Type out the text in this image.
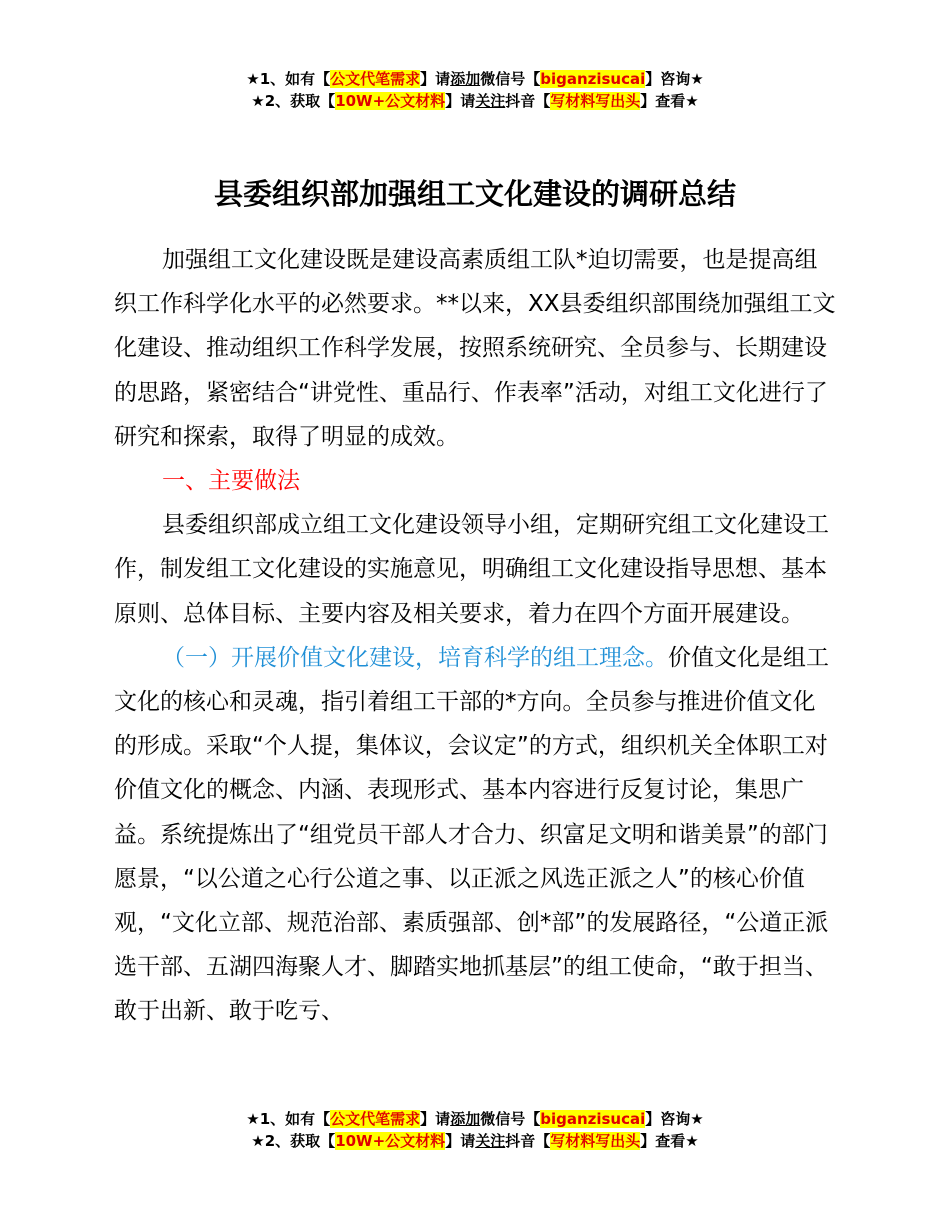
★1、如有【公文代笔需求】请添加微信号【biganzisucai】咨询★
★2、获取【10W+公文材料】请关注抖音【写材料写出头】查看★
县委组织部加强组工文化建设的调研总结

加强组工文化建设既是建设高素质组工队*迫切需要，也是提高组织工作科学化水平的必然要求。**以来，XX县委组织部围绕加强组工文化建设、推动组织工作科学发展，按照系统研究、全员参与、长期建设的思路，紧密结合“讲党性、重品行、作表率”活动，对组工文化进行了研究和探索，取得了明显的成效。

一、主要做法

县委组织部成立组工文化建设领导小组，定期研究组工文化建设工作，制发组工文化建设的实施意见，明确组工文化建设指导思想、基本原则、总体目标、主要内容及相关要求，着力在四个方面开展建设。

（一）开展价值文化建设，培育科学的组工理念。价值文化是组工文化的核心和灵魂，指引着组工干部的*方向。全员参与推进价值文化的形成。采取“个人提，集体议，会议定”的方式，组织机关全体职工对价值文化的概念、内涵、表现形式、基本内容进行反复讨论，集思广益。系统提炼出了“组党员干部人才合力、织富足文明和谐美景”的部门愿景，“以公道之心行公道之事、以正派之风选正派之人”的核心价值观，“文化立部、规范治部、素质强部、创*部”的发展路径，“公道正派选干部、五湖四海聚人才、脚踏实地抓基层”的组工使命，“敢于担当、敢于出新、敢于吃亏、

★1、如有【公文代笔需求】请添加微信号【biganzisucai】咨询★
★2、获取【10W+公文材料】请关注抖音【写材料写出头】查看★
